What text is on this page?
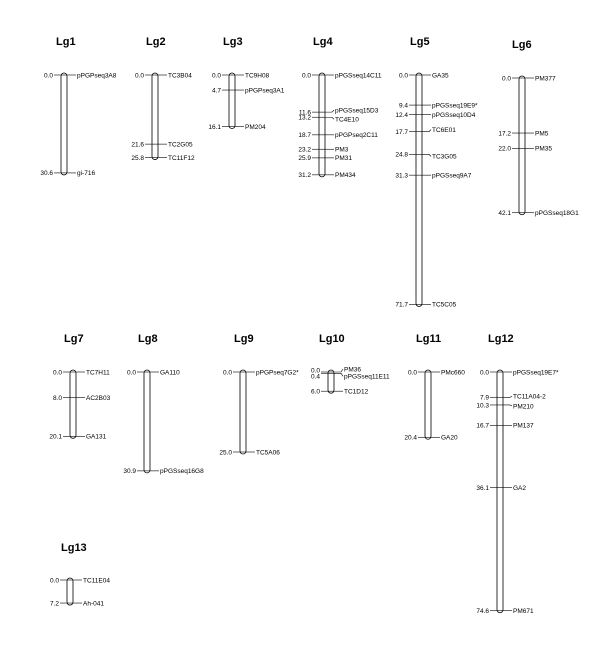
Lg1
0.0	pPGPseq3A8
30.6	gi-716
Lg2
0.0	TC3B04
21.6	TC2G05
25.8	TC11F12
Lg3
0.0	TC9H08
4.7	pPGPseq3A1
16.1	PM204
Lg4
0.0	pPGSseq14C11
11.6	pPGSseq15D3
13.2	TC4E10
18.7	pPGPseq2C11
23.2	PM3
25.9	PM31
31.2	PM434
Lg5
0.0	GA35
9.4	pPGSseq19E9*
12.4	pPGSseq10D4
17.7	TC6E01
24.8	TC3G05
31.3	pPGSseq9A7
71.7	TC5C05
Lg6
0.0	PM377
17.2	PM5
22.0	PM35
42.1	pPGSseq18G1
Lg7
0.0	TC7H11
8.0	AC2B03
20.1	GA131
Lg8
0.0	GA110
30.9	pPGSseq16G8
Lg9
0.0	pPGPseq7G2*
25.0	TC5A06
Lg10
0.0	PM36
0.4	pPGSseq11E11
6.0	TC1D12
Lg11
0.0	PMc660
20.4	GA20
Lg12
0.0	pPGSseq19E7*
7.9	TC11A04-2
10.3	PM210
16.7	PM137
36.1	GA2
74.6	PM671
Lg13
0.0	TC11E04
7.2	Ah-041
